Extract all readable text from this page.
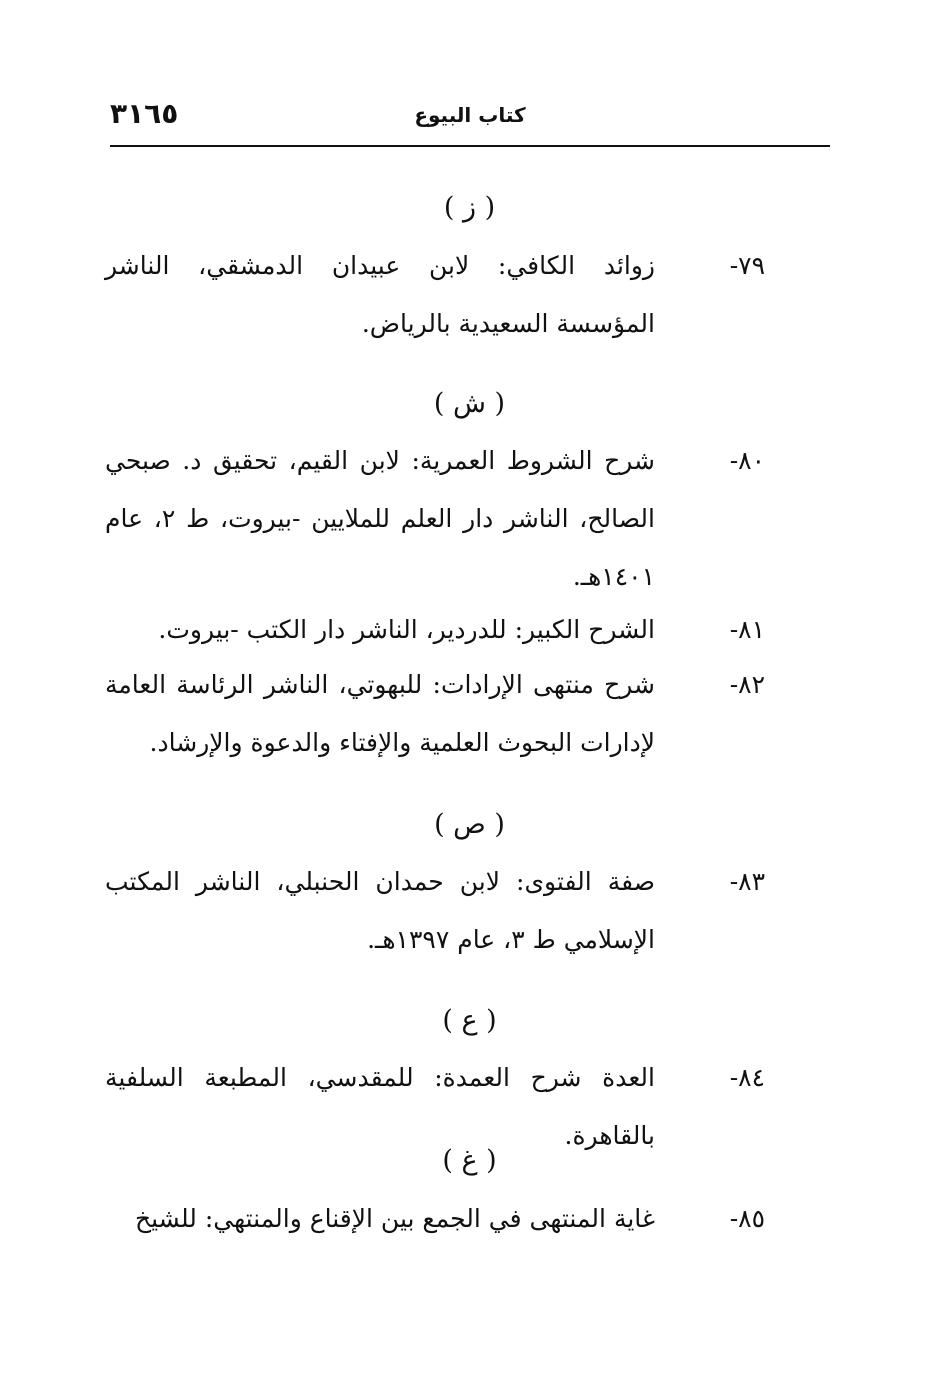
٣١٦٥	كتاب البيوع
( ز )
٧٩-
زوائد الكافي: لابن عبيدان الدمشقي، الناشر المؤسسة السعيدية بالرياض.
( ش )
٨٠-
شرح الشروط العمرية: لابن القيم، تحقيق د. صبحي الصالح، الناشر دار العلم للملايين -بيروت، ط ٢، عام ١٤٠١هـ.
٨١-
الشرح الكبير: للدردير، الناشر دار الكتب -بيروت.
٨٢-
شرح منتهى الإرادات: للبهوتي، الناشر الرئاسة العامة لإدارات البحوث العلمية والإفتاء والدعوة والإرشاد.
( ص )
٨٣-
صفة الفتوى: لابن حمدان الحنبلي، الناشر المكتب الإسلامي ط ٣، عام ١٣٩٧هـ.
( ع )
٨٤-
العدة شرح العمدة: للمقدسي، المطبعة السلفية بالقاهرة.
( غ )
٨٥-
غاية المنتهى في الجمع بين الإقناع والمنتهي: للشيخ
